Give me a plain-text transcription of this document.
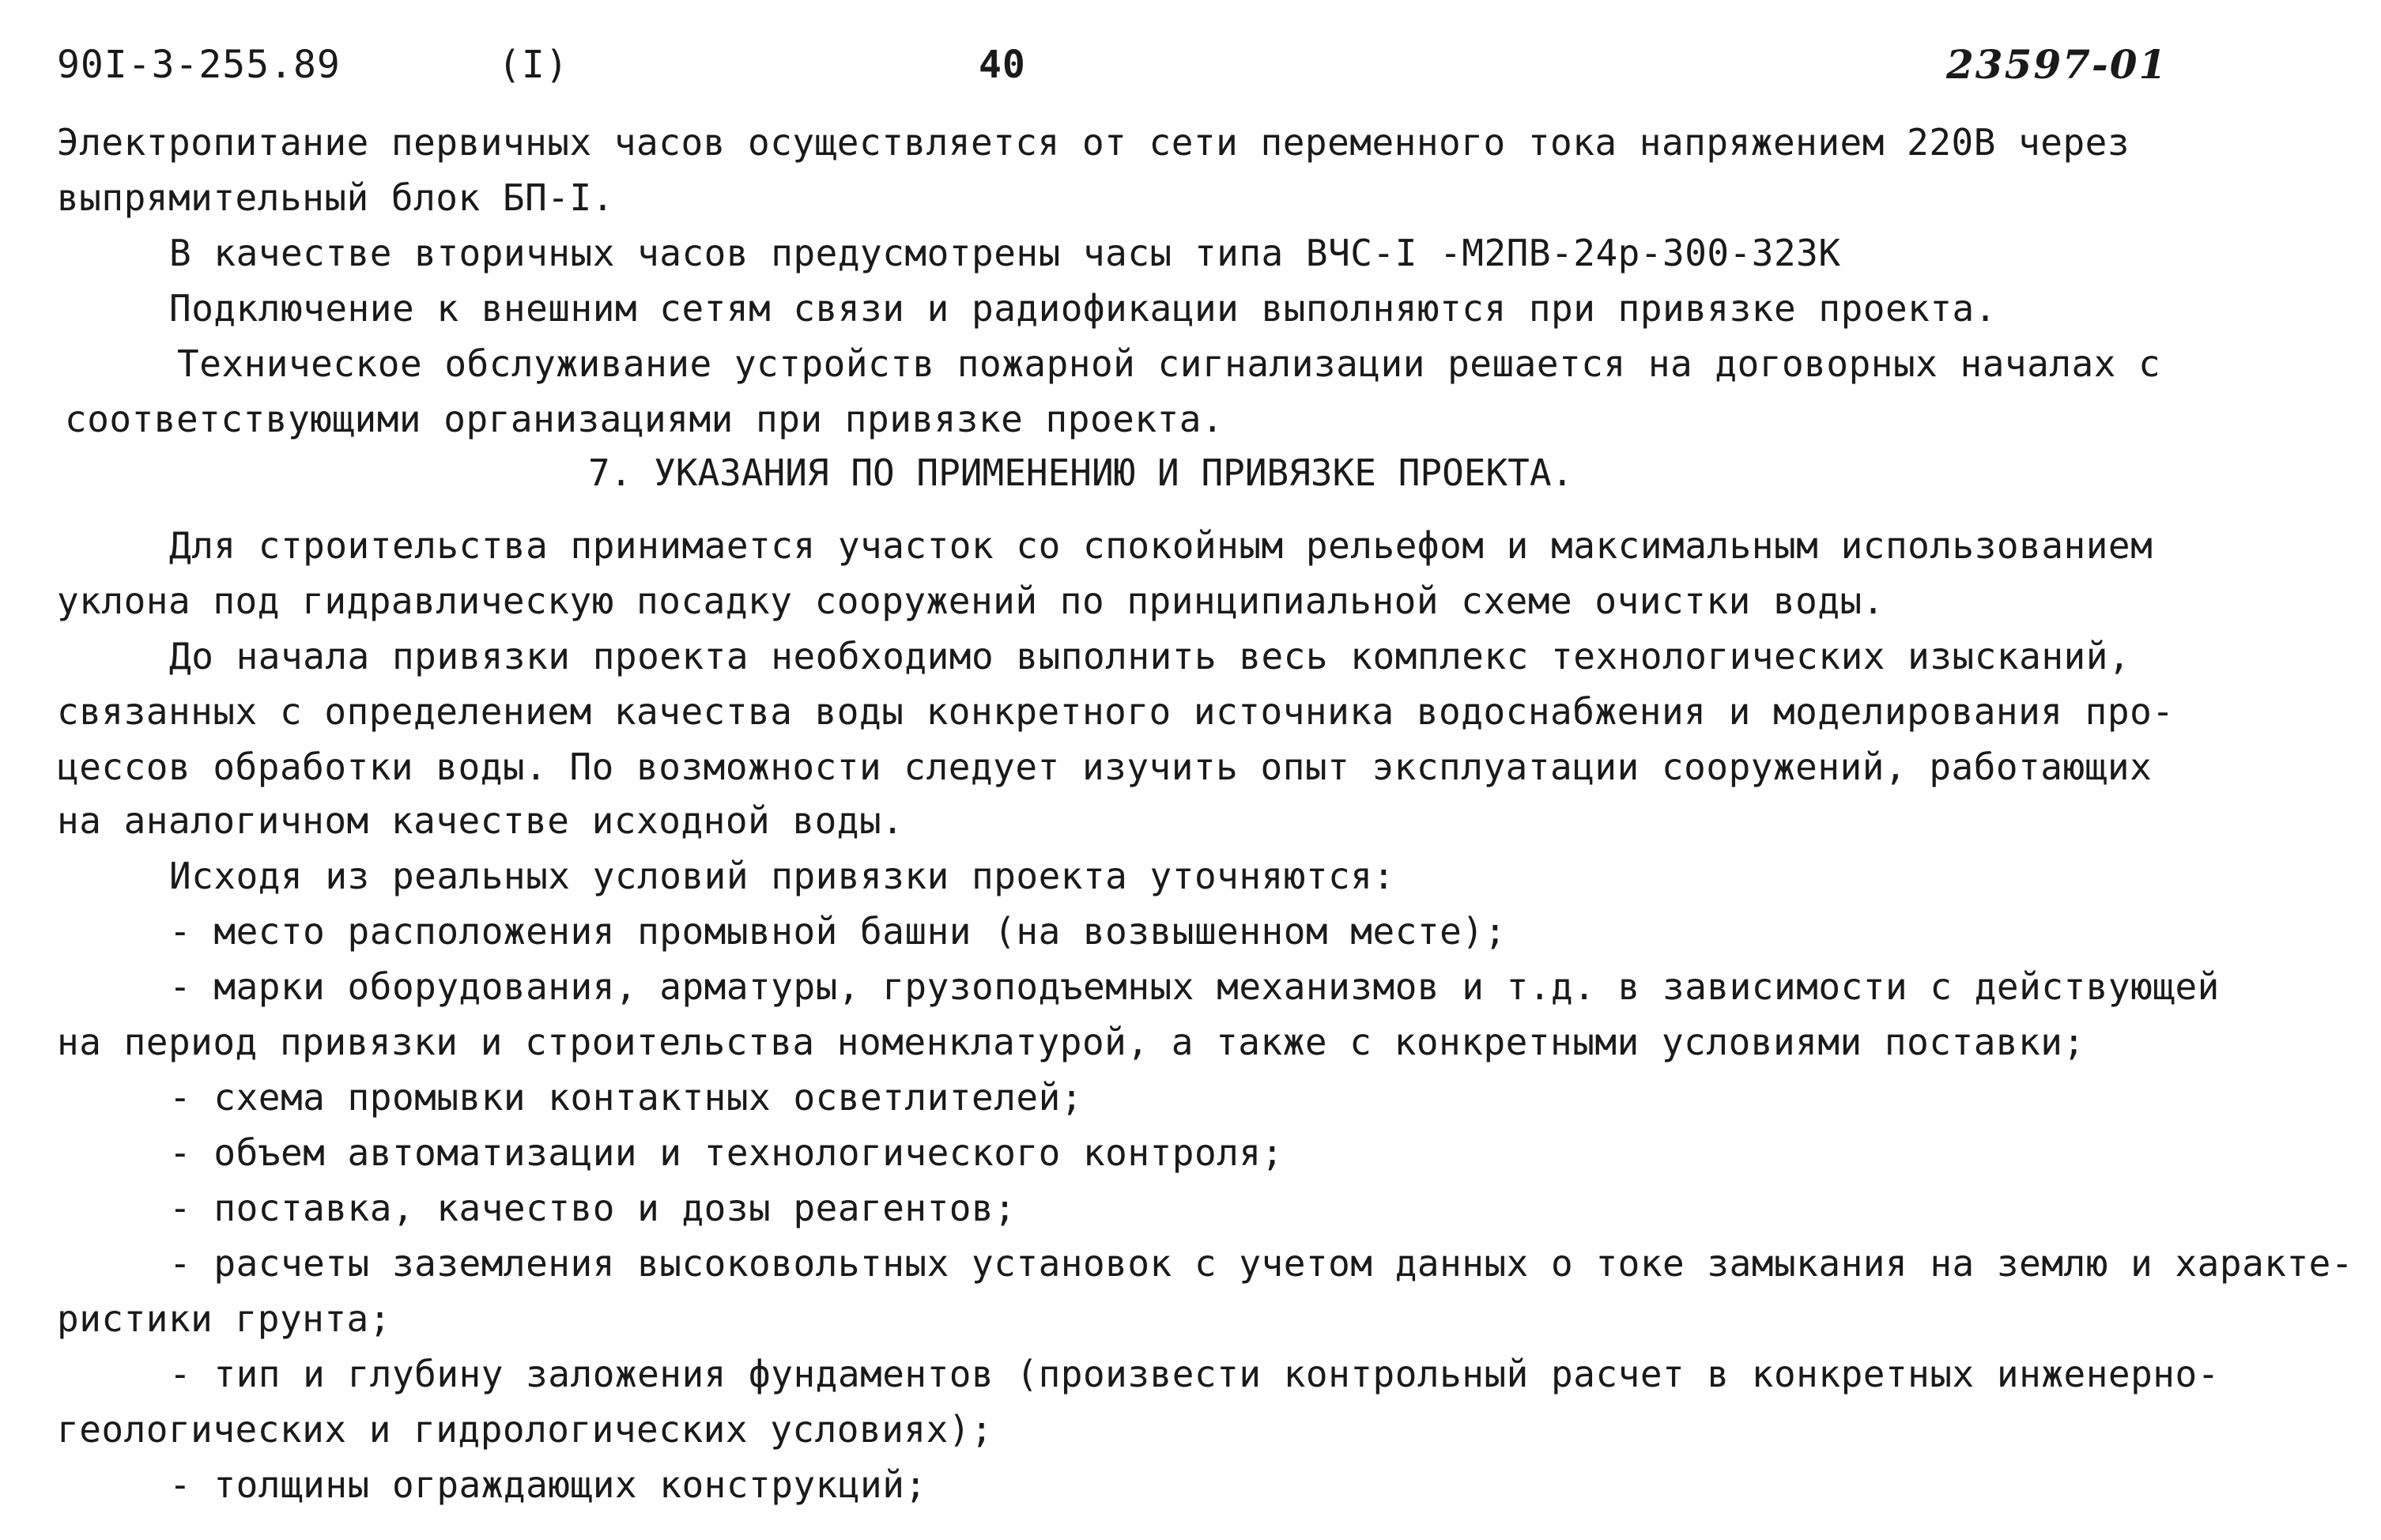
90I-3-255.89	(I)	40	23597-01
Электропитание первичных часов осуществляется от сети переменного тока напряжением 220В через
выпрямительный блок БП-I.
В качестве вторичных часов предусмотрены часы типа ВЧС-I -М2ПВ-24р-300-323К
Подключение к внешним сетям связи и радиофикации выполняются при привязке проекта.
Техническое обслуживание устройств пожарной сигнализации решается на договорных началах с
соответствующими организациями при привязке проекта.
7. УКАЗАНИЯ ПО ПРИМЕНЕНИЮ И ПРИВЯЗКЕ ПРОЕКТА.
Для строительства принимается участок со спокойным рельефом и максимальным использованием
уклона под гидравлическую посадку сооружений по принципиальной схеме очистки воды.
До начала привязки проекта необходимо выполнить весь комплекс технологических изысканий,
связанных с определением качества воды конкретного источника водоснабжения и моделирования про-
цессов обработки воды. По возможности следует изучить опыт эксплуатации сооружений, работающих
на аналогичном качестве исходной воды.
Исходя из реальных условий привязки проекта уточняются:
- место расположения промывной башни (на возвышенном месте);
- марки оборудования, арматуры, грузоподъемных механизмов и т.д. в зависимости с действующей
на период привязки и строительства номенклатурой, а также с конкретными условиями поставки;
- схема промывки контактных осветлителей;
- объем автоматизации и технологического контроля;
- поставка, качество и дозы реагентов;
- расчеты заземления высоковольтных установок с учетом данных о токе замыкания на землю и характе-
ристики грунта;
- тип и глубину заложения фундаментов (произвести контрольный расчет в конкретных инженерно-
геологических и гидрологических условиях);
- толщины ограждающих конструкций;
